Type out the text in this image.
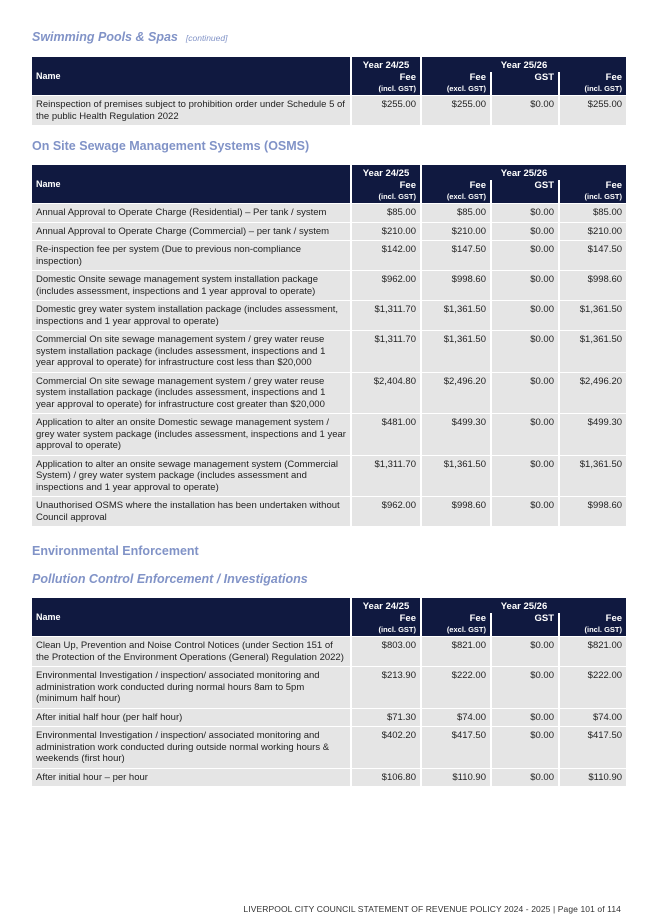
Swimming Pools & Spas [continued]
Name	Year 24/25	Year 25/26		
	Fee	Fee	GST	Fee
	(incl. GST)	(excl. GST)		(incl. GST)
Reinspection of premises subject to prohibition order under Schedule 5 of the public Health Regulation 2022	$255.00	$255.00	$0.00	$255.00
On Site Sewage Management Systems (OSMS)
Name	Year 24/25	Year 25/26		
	Fee	Fee	GST	Fee
	(incl. GST)	(excl. GST)		(incl. GST)
Annual Approval to Operate Charge (Residential) – Per tank / system	$85.00	$85.00	$0.00	$85.00
Annual Approval to Operate Charge (Commercial) – per tank / system	$210.00	$210.00	$0.00	$210.00
Re-inspection fee per system (Due to previous non-compliance inspection)	$142.00	$147.50	$0.00	$147.50
Domestic Onsite sewage management system installation package (includes assessment, inspections and 1 year approval to operate)	$962.00	$998.60	$0.00	$998.60
Domestic grey water system installation package (includes assessment, inspections and 1 year approval to operate)	$1,311.70	$1,361.50	$0.00	$1,361.50
Commercial On site sewage management system / grey water reuse system installation package (includes assessment, inspections and 1 year approval to operate) for infrastructure cost less than $20,000	$1,311.70	$1,361.50	$0.00	$1,361.50
Commercial On site sewage management system / grey water reuse system installation package (includes assessment, inspections and 1 year approval to operate) for infrastructure cost greater than $20,000	$2,404.80	$2,496.20	$0.00	$2,496.20
Application to alter an onsite Domestic sewage management system / grey water system package (includes assessment, inspections and 1 year approval to operate)	$481.00	$499.30	$0.00	$499.30
Application to alter an onsite sewage management system (Commercial System) / grey water system package (includes assessment and inspections and 1 year approval to operate)	$1,311.70	$1,361.50	$0.00	$1,361.50
Unauthorised OSMS where the installation has been undertaken without Council approval	$962.00	$998.60	$0.00	$998.60
Environmental Enforcement
Pollution Control Enforcement / Investigations
Name	Year 24/25	Year 25/26		
	Fee	Fee	GST	Fee
	(incl. GST)	(excl. GST)		(incl. GST)
Clean Up, Prevention and Noise Control Notices (under Section 151 of the Protection of the Environment Operations (General) Regulation 2022)	$803.00	$821.00	$0.00	$821.00
Environmental Investigation / inspection/ associated monitoring and administration work conducted during normal hours 8am to 5pm (minimum half hour)	$213.90	$222.00	$0.00	$222.00
After initial half hour (per half hour)	$71.30	$74.00	$0.00	$74.00
Environmental Investigation / inspection/ associated monitoring and administration work conducted during outside normal working hours & weekends (first hour)	$402.20	$417.50	$0.00	$417.50
After initial hour – per hour	$106.80	$110.90	$0.00	$110.90
LIVERPOOL CITY COUNCIL STATEMENT OF REVENUE POLICY 2024 - 2025 | Page 101 of 114
